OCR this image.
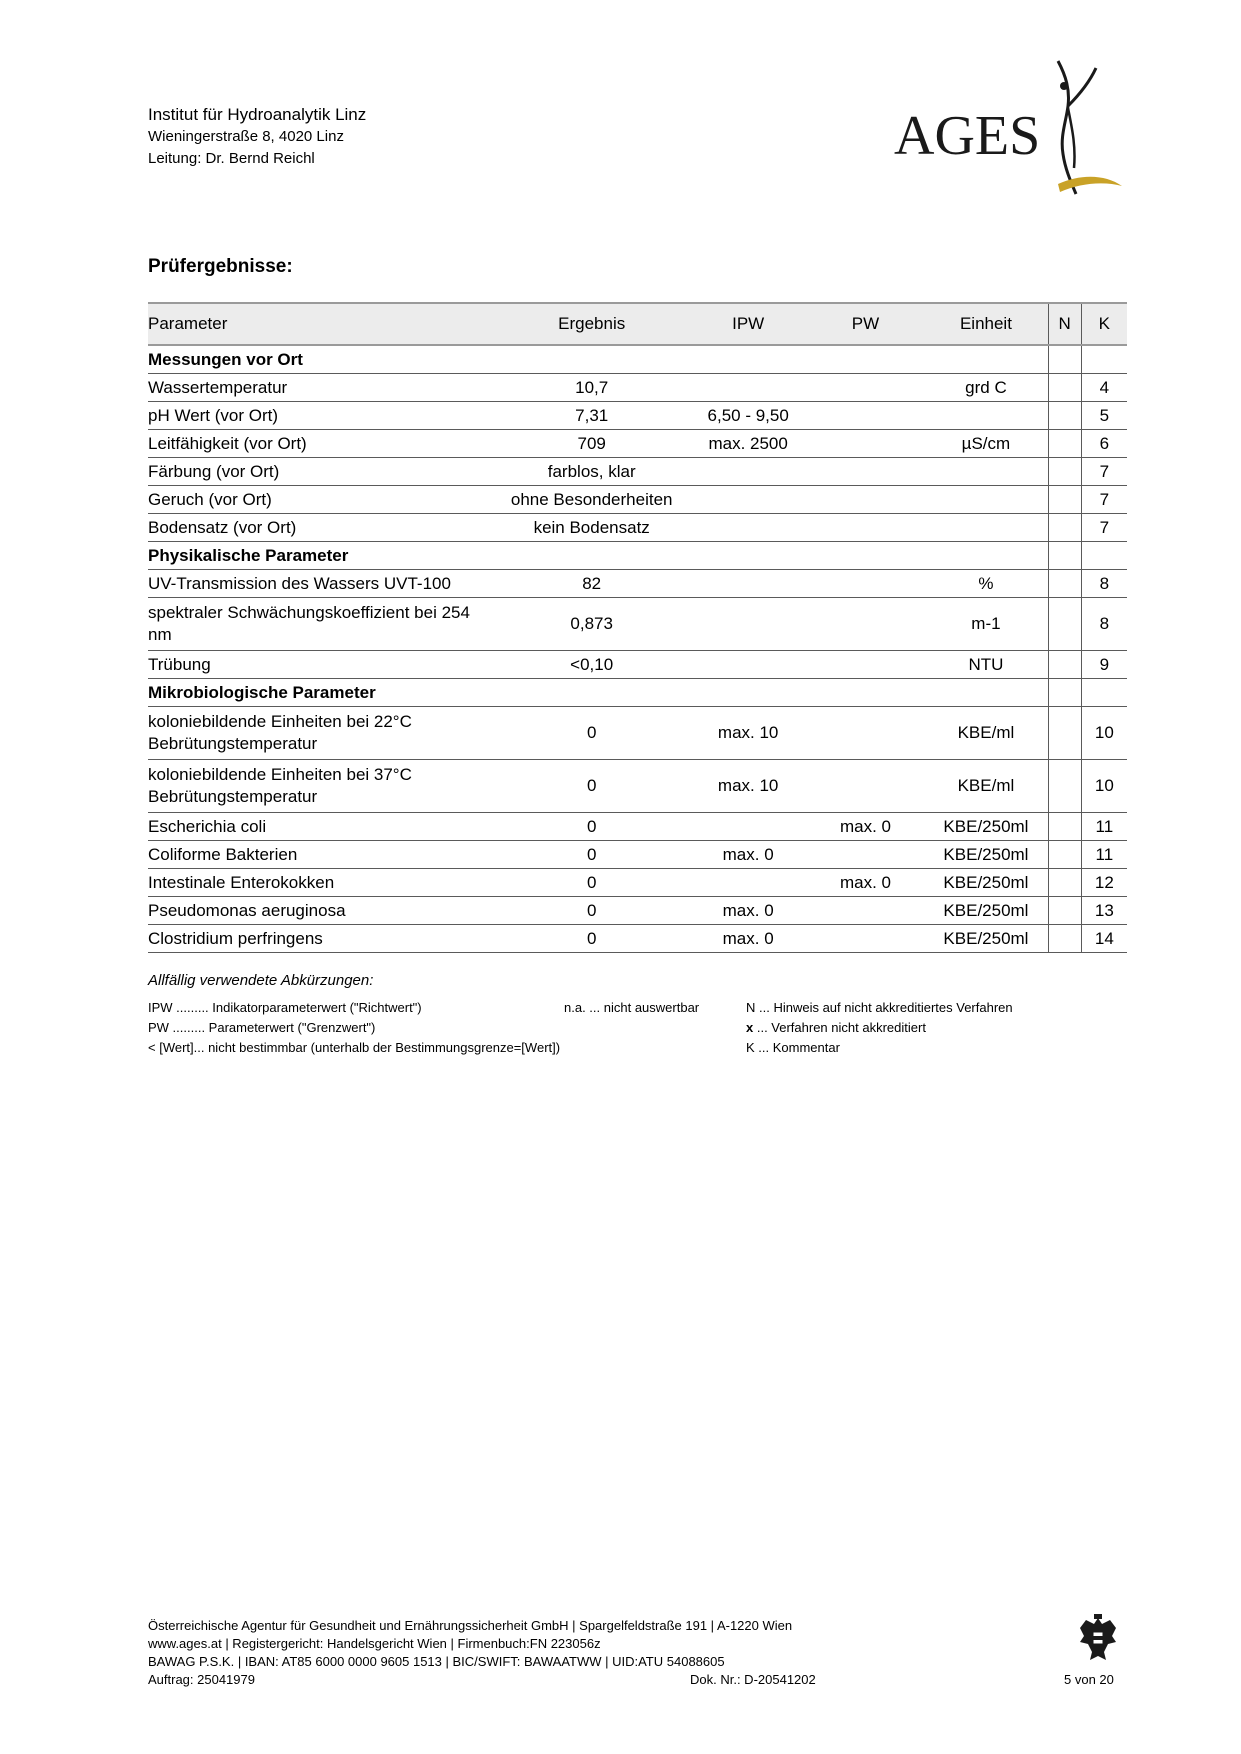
Institut für Hydroanalytik Linz
Wieningerstraße 8, 4020 Linz
Leitung: Dr. Bernd Reichl	AGES
Prüfergebnisse:
Parameter	Ergebnis	IPW	PW	Einheit	N	K
Messungen vor Ort						
Wassertemperatur	10,7			grd C		4
pH Wert (vor Ort)	7,31	6,50 - 9,50				5
Leitfähigkeit (vor Ort)	709	max. 2500		µS/cm		6
Färbung (vor Ort)	farblos, klar					7
Geruch (vor Ort)	ohne Besonderheiten					7
Bodensatz (vor Ort)	kein Bodensatz					7
Physikalische Parameter						
UV-Transmission des Wassers UVT-100	82			%		8
spektraler Schwächungskoeffizient bei 254 nm	0,873			m-1		8
Trübung	<0,10			NTU		9
Mikrobiologische Parameter						
koloniebildende Einheiten bei 22°C Bebrütungstemperatur	0	max. 10		KBE/ml		10
koloniebildende Einheiten bei 37°C Bebrütungstemperatur	0	max. 10		KBE/ml		10
Escherichia coli	0		max. 0	KBE/250ml		11
Coliforme Bakterien	0	max. 0		KBE/250ml		11
Intestinale Enterokokken	0		max. 0	KBE/250ml		12
Pseudomonas aeruginosa	0	max. 0		KBE/250ml		13
Clostridium perfringens	0	max. 0		KBE/250ml		14
Allfällig verwendete Abkürzungen:
IPW ......... Indikatorparameterwert ("Richtwert")
PW ......... Parameterwert ("Grenzwert")
< [Wert]... nicht bestimmbar (unterhalb der Bestimmungsgrenze=[Wert])
n.a. ... nicht auswertbar	N ... Hinweis auf nicht akkreditiertes Verfahren
x ... Verfahren nicht akkreditiert
K ... Kommentar
Österreichische Agentur für Gesundheit und Ernährungssicherheit GmbH | Spargelfeldstraße 191 | A-1220 Wien
www.ages.at | Registergericht: Handelsgericht Wien | Firmenbuch:FN 223056z
BAWAG P.S.K. | IBAN: AT85 6000 0000 9605 1513 | BIC/SWIFT: BAWAATWW | UID:ATU 54088605
Auftrag: 25041979	Dok. Nr.: D-20541202	5 von 20
